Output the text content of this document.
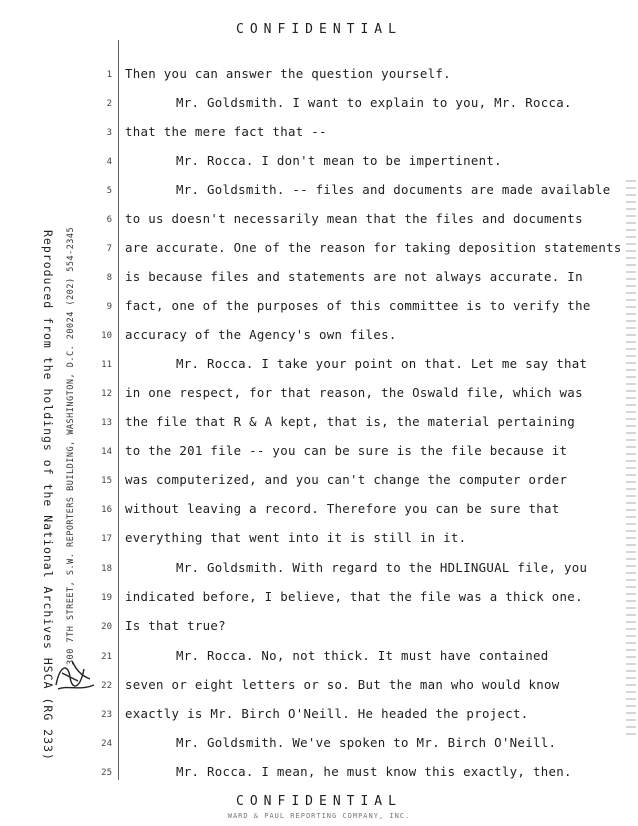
CONFIDENTIAL
Reproduced from the holdings of the National Archives HSCA (RG 233) 300 7TH STREET, S.W. REPORTERS BUILDING, WASHINGTON, D.C. 20024 (202) 554-2345
1 Then you can answer the question yourself.
2	Mr. Goldsmith. I want to explain to you, Mr. Rocca.
3 that the mere fact that --
4	Mr. Rocca. I don't mean to be impertinent.
5	Mr. Goldsmith. -- files and documents are made available
6 to us doesn't necessarily mean that the files and documents
7 are accurate. One of the reason for taking deposition statements
8 is because files and statements are not always accurate. In
9 fact, one of the purposes of this committee is to verify the
10 accuracy of the Agency's own files.
11	Mr. Rocca. I take your point on that. Let me say that
12 in one respect, for that reason, the Oswald file, which was
13 the file that R & A kept, that is, the material pertaining
14 to the 201 file -- you can be sure is the file because it
15 was computerized, and you can't change the computer order
16 without leaving a record. Therefore you can be sure that
17 everything that went into it is still in it.
18	Mr. Goldsmith. With regard to the HDLINGUAL file, you
19 indicated before, I believe, that the file was a thick one.
20 Is that true?
21	Mr. Rocca. No, not thick. It must have contained
22 seven or eight letters or so. But the man who would know
23 exactly is Mr. Birch O'Neill. He headed the project.
24	Mr. Goldsmith. We've spoken to Mr. Birch O'Neill.
25	Mr. Rocca. I mean, he must know this exactly, then.
CONFIDENTIAL
WARD & PAUL REPORTING COMPANY, INC.
